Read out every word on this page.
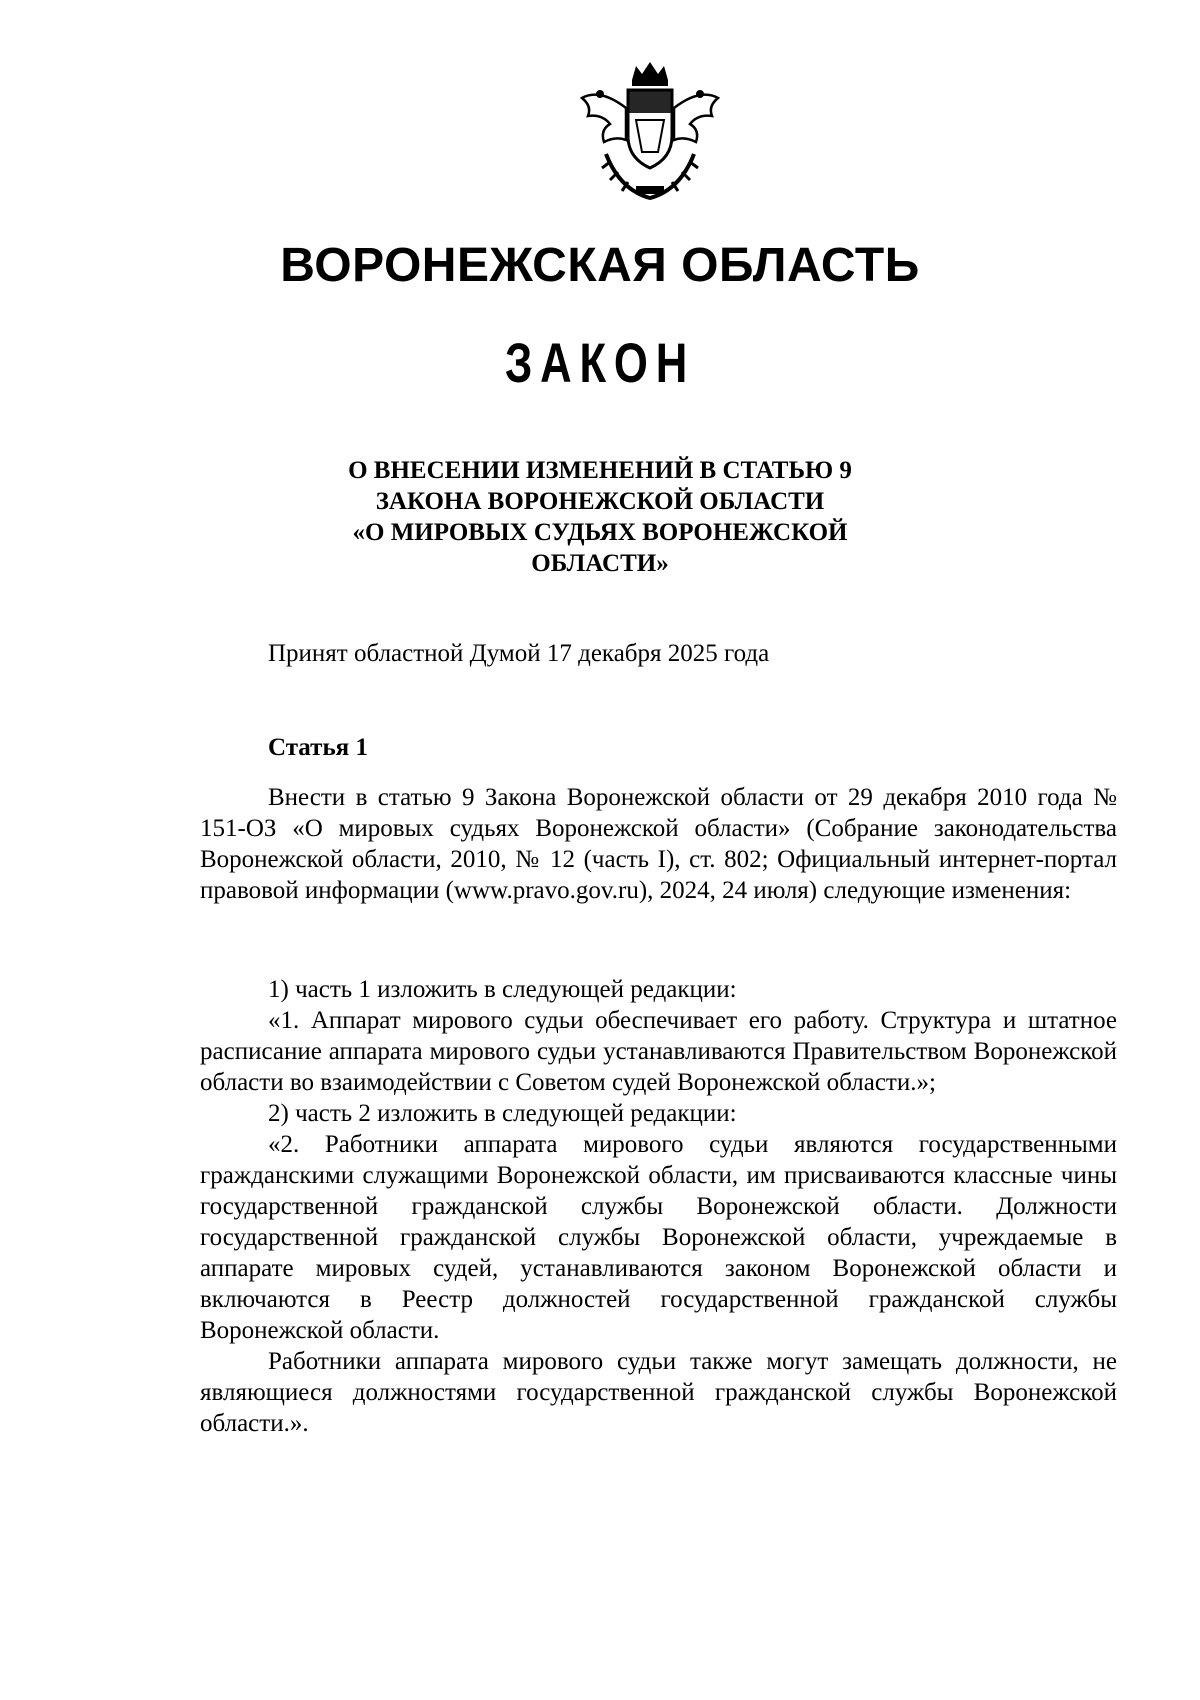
ВОРОНЕЖСКАЯ ОБЛАСТЬ
ЗАКОН
О ВНЕСЕНИИ ИЗМЕНЕНИЙ В СТАТЬЮ 9
ЗАКОНА ВОРОНЕЖСКОЙ ОБЛАСТИ
«О МИРОВЫХ СУДЬЯХ ВОРОНЕЖСКОЙ
ОБЛАСТИ»
Принят областной Думой 17 декабря 2025 года
Статья 1

Внести в статью 9 Закона Воронежской области от 29 декабря 2010 года № 151-ОЗ «О мировых судьях Воронежской области» (Собрание законодательства Воронежской области, 2010, № 12 (часть I), ст. 802; Официальный интернет-портал правовой информации (www.pravo.gov.ru), 2024, 24 июля) следующие изменения:

1) часть 1 изложить в следующей редакции:

«1. Аппарат мирового судьи обеспечивает его работу. Структура и штатное расписание аппарата мирового судьи устанавливаются Правительством Воронежской области во взаимодействии с Советом судей Воронежской области.»;

2) часть 2 изложить в следующей редакции:

«2. Работники аппарата мирового судьи являются государственными гражданскими служащими Воронежской области, им присваиваются классные чины государственной гражданской службы Воронежской области. Должности государственной гражданской службы Воронежской области, учреждаемые в аппарате мировых судей, устанавливаются законом Воронежской области и включаются в Реестр должностей государственной гражданской службы Воронежской области.

Работники аппарата мирового судьи также могут замещать должности, не являющиеся должностями государственной гражданской службы Воронежской области.».
